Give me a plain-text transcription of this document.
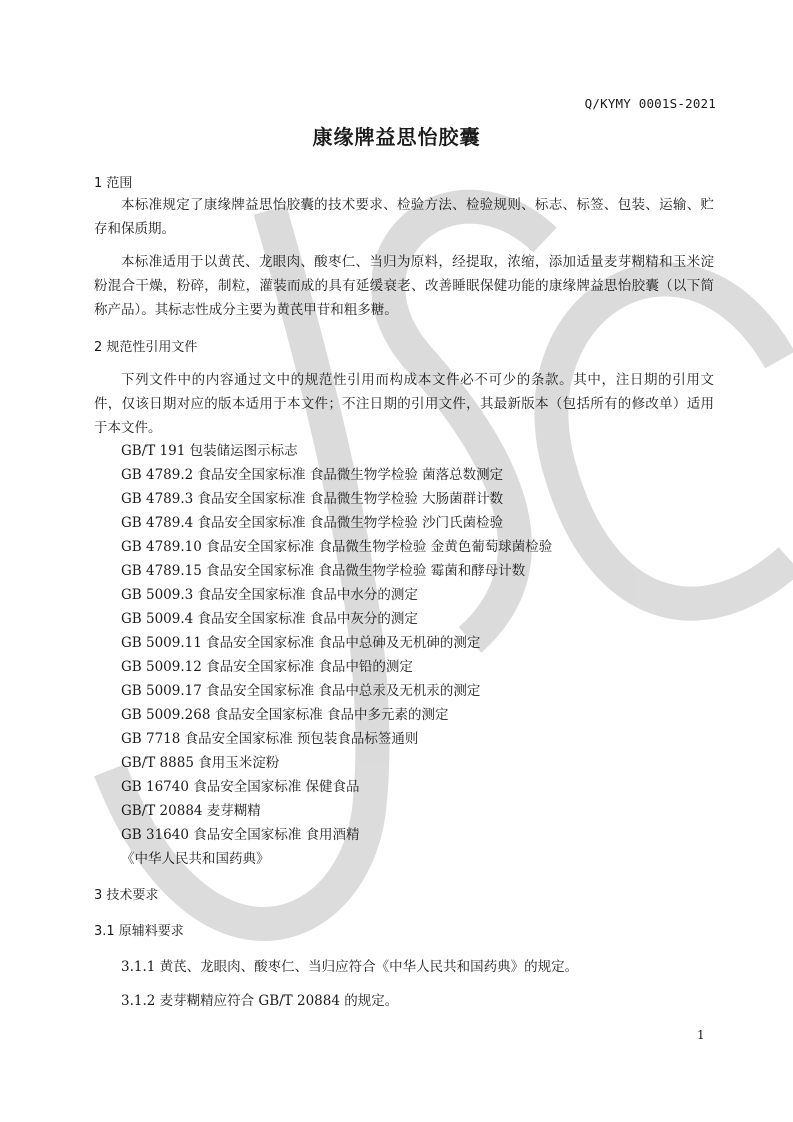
Q/KYMY 0001S-2021
康缘牌益思怡胶囊
1 范围

本标准规定了康缘牌益思怡胶囊的技术要求、检验方法、检验规则、标志、标签、包装、运输、贮存和保质期。

本标准适用于以黄芪、龙眼肉、酸枣仁、当归为原料，经提取，浓缩，添加适量麦芽糊精和玉米淀粉混合干燥，粉碎，制粒，灌装而成的具有延缓衰老、改善睡眠保健功能的康缘牌益思怡胶囊（以下简称产品）。其标志性成分主要为黄芪甲苷和粗多糖。

2 规范性引用文件

下列文件中的内容通过文中的规范性引用而构成本文件必不可少的条款。其中，注日期的引用文件，仅该日期对应的版本适用于本文件；不注日期的引用文件，其最新版本（包括所有的修改单）适用于本文件。

GB/T 191 包装储运图示标志
GB 4789.2 食品安全国家标准 食品微生物学检验 菌落总数测定
GB 4789.3 食品安全国家标准 食品微生物学检验 大肠菌群计数
GB 4789.4 食品安全国家标准 食品微生物学检验 沙门氏菌检验
GB 4789.10 食品安全国家标准 食品微生物学检验 金黄色葡萄球菌检验
GB 4789.15 食品安全国家标准 食品微生物学检验 霉菌和酵母计数
GB 5009.3 食品安全国家标准 食品中水分的测定
GB 5009.4 食品安全国家标准 食品中灰分的测定
GB 5009.11 食品安全国家标准 食品中总砷及无机砷的测定
GB 5009.12 食品安全国家标准 食品中铅的测定
GB 5009.17 食品安全国家标准 食品中总汞及无机汞的测定
GB 5009.268 食品安全国家标准 食品中多元素的测定
GB 7718 食品安全国家标准 预包装食品标签通则
GB/T 8885 食用玉米淀粉
GB 16740 食品安全国家标准 保健食品
GB/T 20884 麦芽糊精
GB 31640 食品安全国家标准 食用酒精
《中华人民共和国药典》
3 技术要求
3.1 原辅料要求
3.1.1 黄芪、龙眼肉、酸枣仁、当归应符合《中华人民共和国药典》的规定。
3.1.2 麦芽糊精应符合 GB/T 20884 的规定。
1
